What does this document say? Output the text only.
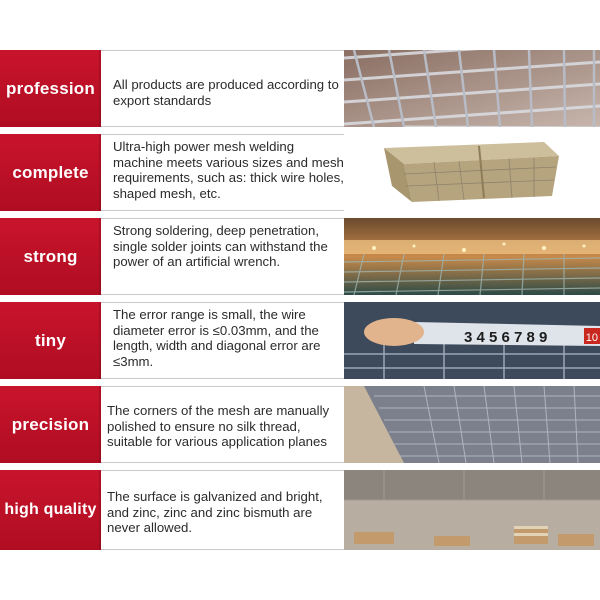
profession	All products are produced according to export standards
complete
Ultra-high power mesh welding machine meets various sizes and mesh requirements, such as: thick wire holes, shaped mesh, etc.
strong
Strong soldering, deep penetration, single solder joints can withstand the power of an artificial wrench.
tiny
The error range is small, the wire diameter error is ≤0.03mm, and the length, width and diagonal error are ≤3mm.
10
3 4 5 6 7 8 9
precision
The corners of the mesh are manually polished to ensure no silk thread, suitable for various application planes
high quality
The surface is galvanized and bright, and zinc, zinc and zinc bismuth are never allowed.
